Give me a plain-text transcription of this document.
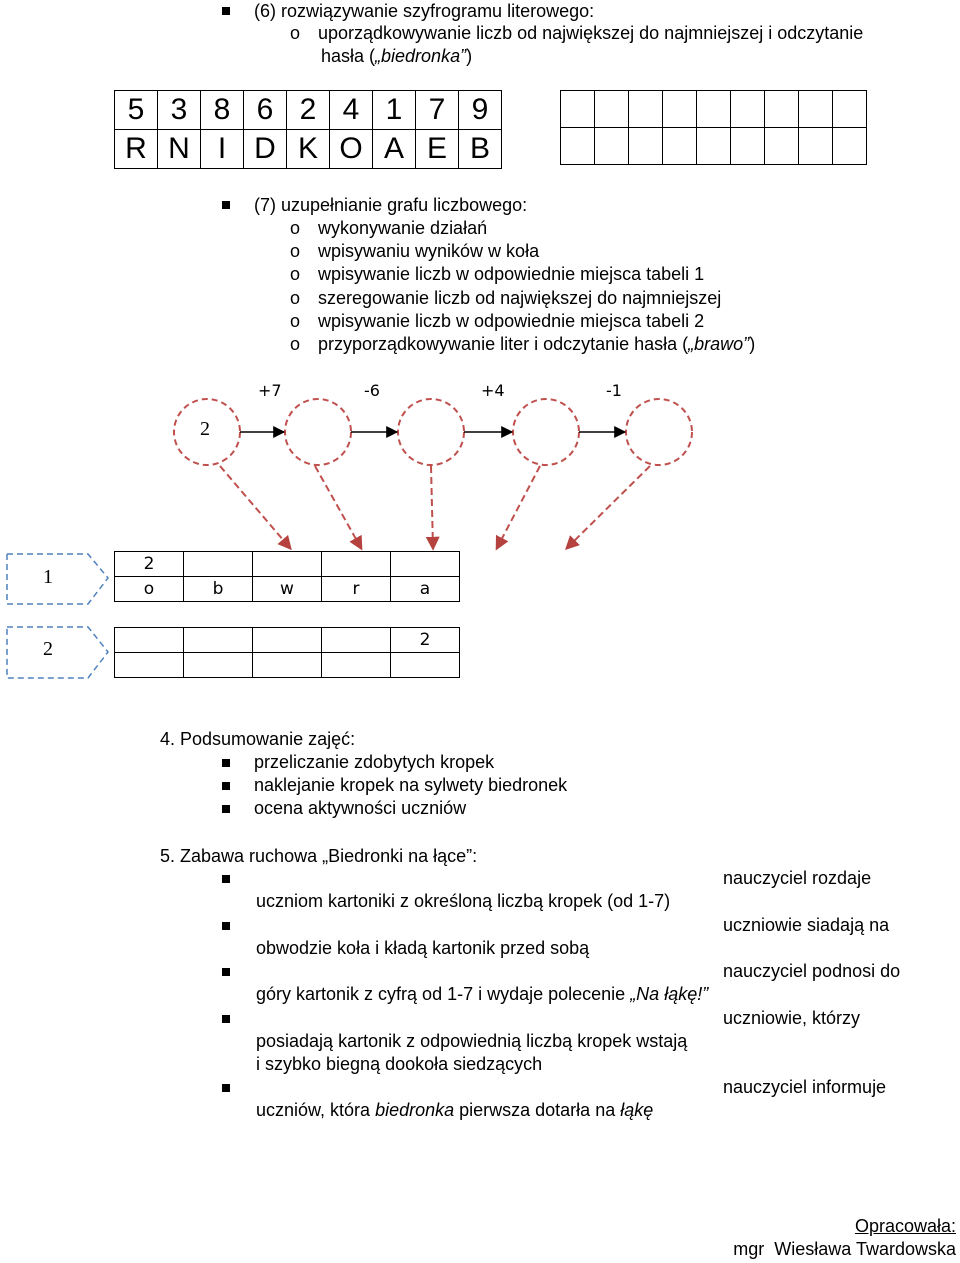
(6) rozwiązywanie szyfrogramu literowego:
o uporządkowywanie liczb od największej do najmniejszej i odczytanie
hasła („biedronka”)
5	3	8	6	2	4	1	7	9
R	N	I	D	K	O	A	E	B

(7) uzupełnianie grafu liczbowego:
o wykonywanie działań
o wpisywaniu wyników w koła
o wpisywanie liczb w odpowiednie miejsca tabeli 1
o szeregowanie liczb od największej do najmniejszej
o wpisywanie liczb w odpowiednie miejsca tabeli 2
o przyporządkowywanie liter i odczytanie hasła („brawo”)
2
+7	-6	+4	-1
1
2
2				
o	b	w	r	a
				2

4. Podsumowanie zajęć:
przeliczanie zdobytych kropek
naklejanie kropek na sylwety biedronek
ocena aktywności uczniów
5. Zabawa ruchowa „Biedronki na łące”:
nauczyciel rozdaje
uczniom kartoniki z określoną liczbą kropek (od 1-7)
uczniowie siadają na
obwodzie koła i kładą kartonik przed sobą
nauczyciel podnosi do
góry kartonik z cyfrą od 1-7 i wydaje polecenie „Na łąkę!”
uczniowie, którzy
posiadają kartonik z odpowiednią liczbą kropek wstają
i szybko biegną dookoła siedzących
nauczyciel informuje
uczniów, która biedronka pierwsza dotarła na łąkę
Opracowała:
mgr  Wiesława Twardowska
